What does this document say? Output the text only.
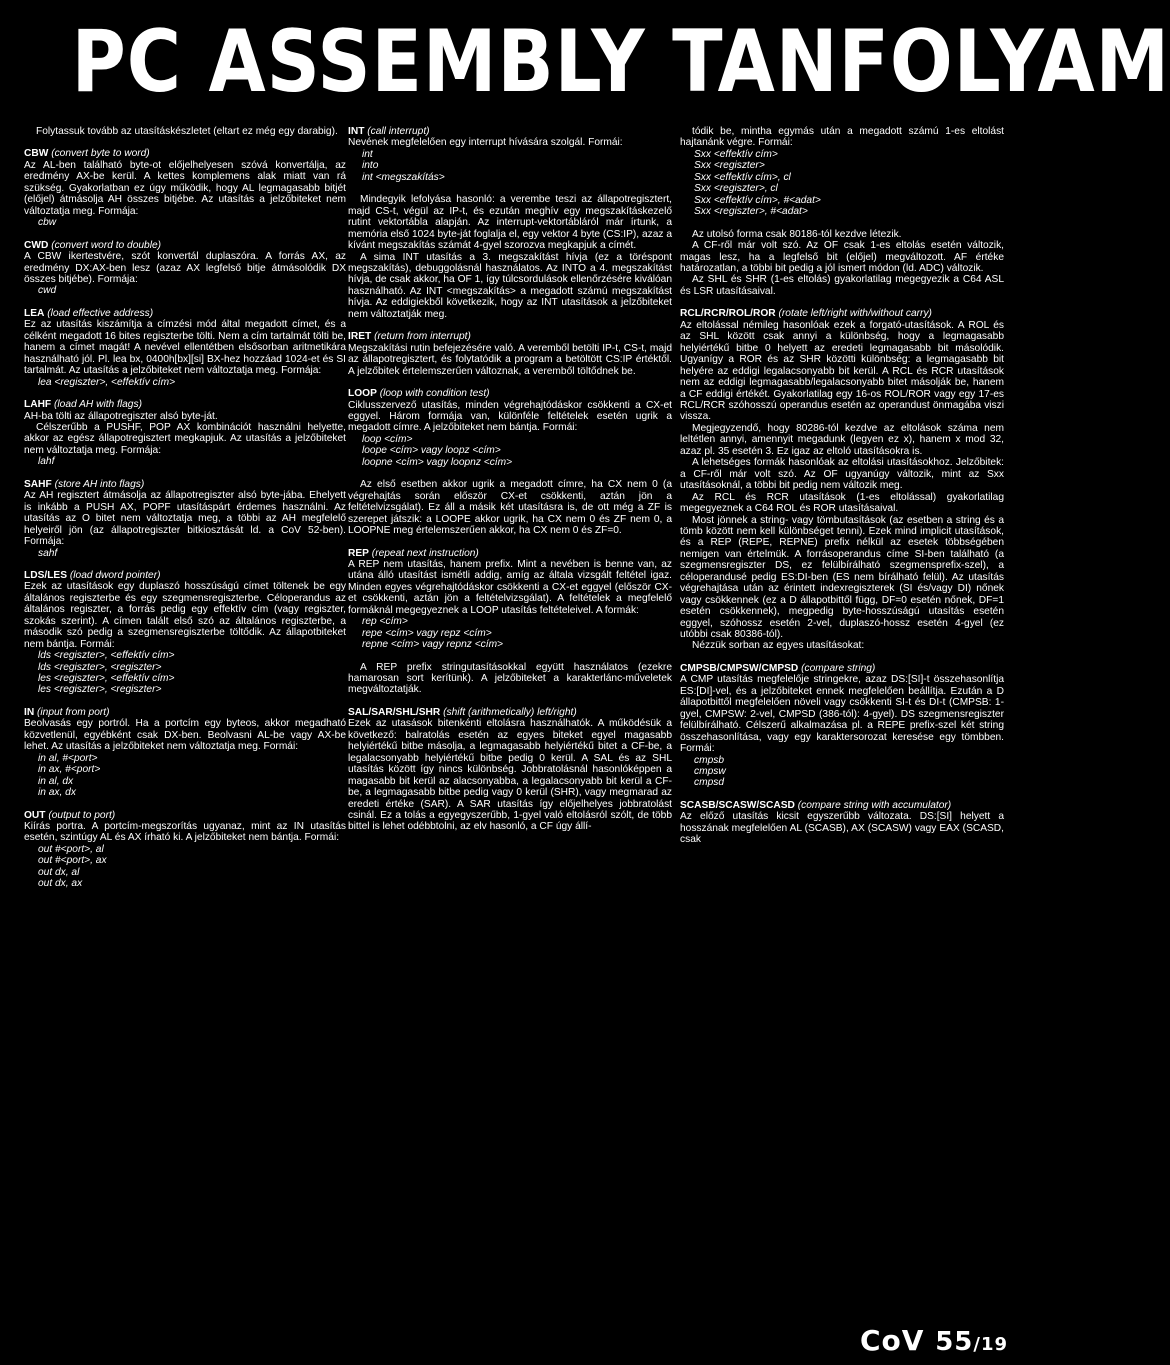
PC ASSEMBLY TANFOLYAM

Folytassuk tovább az utasításkészletet (eltart ez még egy darabig).

CBW (convert byte to word)

Az AL-ben található byte-ot előjelhelyesen szóvá konvertálja, az eredmény AX-be kerül. A kettes komplemens alak miatt van rá szükség. Gyakorlatban ez úgy működik, hogy AL legmagasabb bitjét (előjel) átmásolja AH összes bitjébe. Az utasítás a jelzőbiteket nem változtatja meg. Formája:

cbw
CWD (convert word to double)

A CBW ikertestvére, szót konvertál duplaszóra. A forrás AX, az eredmény DX:AX-ben lesz (azaz AX legfelső bitje átmásolódik DX összes bitjébe). Formája:

cwd
LEA (load effective address)

Ez az utasítás kiszámítja a címzési mód által megadott címet, és a célként megadott 16 bites regiszterbe tölti. Nem a cím tartalmát tölti be, hanem a címet magát! A nevével ellentétben elsősorban aritmetikára használható jól. Pl. lea bx, 0400h[bx][si] BX-hez hozzáad 1024-et és SI tartalmát. Az utasítás a jelzőbiteket nem változtatja meg. Formája:

lea <regiszter>, <effektív cím>
LAHF (load AH with flags)

AH-ba tölti az állapotregiszter alsó byte-ját.

Célszerűbb a PUSHF, POP AX kombinációt használni helyette, akkor az egész állapotregisztert megkapjuk. Az utasítás a jelzőbiteket nem változtatja meg. Formája:

lahf
SAHF (store AH into flags)

Az AH regisztert átmásolja az állapotregiszter alsó byte-jába. Ehelyett is inkább a PUSH AX, POPF utasításpárt érdemes használni. Az utasítás az O bitet nem változtatja meg, a többi az AH megfelelő helyeiről jön (az állapotregiszter bitkiosztását ld. a CoV 52-ben). Formája:

sahf
LDS/LES (load dword pointer)

Ezek az utasítások egy duplaszó hosszúságú címet töltenek be egy általános regiszterbe és egy szegmensregiszterbe. Céloperandus az általános regiszter, a forrás pedig egy effektív cím (vagy regiszter, szokás szerint). A címen talált első szó az általános regiszterbe, a második szó pedig a szegmensregiszterbe töltődik. Az állapotbiteket nem bántja. Formái:

lds <regiszter>, <effektív cím>
lds <regiszter>, <regiszter>
les <regiszter>, <effektív cím>
les <regiszter>, <regiszter>
IN (input from port)

Beolvasás egy portról. Ha a portcím egy byteos, akkor megadható közvetlenül, egyébként csak DX-ben. Beolvasni AL-be vagy AX-be lehet. Az utasítás a jelzőbiteket nem változtatja meg. Formái:

in al, #<port>
in ax, #<port>
in al, dx
in ax, dx
OUT (output to port)

Kiírás portra. A portcím-megszorítás ugyanaz, mint az IN utasítás esetén, szintúgy AL és AX írható ki. A jelzőbiteket nem bántja. Formái:

out #<port>, al
out #<port>, ax
out dx, al
out dx, ax
INT (call interrupt)

Nevének megfelelően egy interrupt hívására szolgál. Formái:

int
into
int <megszakítás>

Mindegyik lefolyása hasonló: a verembe teszi az állapotregisztert, majd CS-t, végül az IP-t, és ezután meghív egy megszakításkezelő rutint vektortábla alapján. Az interrupt-vektortábláról már írtunk, a memória első 1024 byte-ját foglalja el, egy vektor 4 byte (CS:IP), azaz a kívánt megszakítás számát 4-gyel szorozva megkapjuk a címét.

A sima INT utasítás a 3. megszakítást hívja (ez a töréspont megszakítás), debuggolásnál használatos. Az INTO a 4. megszakítást hívja, de csak akkor, ha OF 1, így túlcsordulások ellenőrzésére kiválóan használható. Az INT <megszakítás> a megadott számú megszakítást hívja. Az eddigiekből következik, hogy az INT utasítások a jelzőbiteket nem változtatják meg.

IRET (return from interrupt)

Megszakítási rutin befejezésére való. A veremből betölti IP-t, CS-t, majd az állapotregisztert, és folytatódik a program a betöltött CS:IP értéktől. A jelzőbitek értelemszerűen változnak, a veremből töltődnek be.

LOOP (loop with condition test)

Ciklusszervező utasítás, minden végrehajtódáskor csökkenti a CX-et eggyel. Három formája van, különféle feltételek esetén ugrik a megadott címre. A jelzőbiteket nem bántja. Formái:

loop <cím>
loope <cím> vagy loopz <cím>
loopne <cím> vagy loopnz <cím>

Az első esetben akkor ugrik a megadott címre, ha CX nem 0 (a végrehajtás során először CX-et csökkenti, aztán jön a feltételvizsgálat). Ez áll a másik két utasításra is, de ott még a ZF is szerepet játszik: a LOOPE akkor ugrik, ha CX nem 0 és ZF nem 0, a LOOPNE meg értelemszerűen akkor, ha CX nem 0 és ZF=0.

REP (repeat next instruction)

A REP nem utasítás, hanem prefix. Mint a nevében is benne van, az utána álló utasítást ismétli addig, amíg az általa vizsgált feltétel igaz. Minden egyes végrehajtódáskor csökkenti a CX-et eggyel (először CX-et csökkenti, aztán jön a feltételvizsgálat). A feltételek a megfelelő formáknál megegyeznek a LOOP utasítás feltételeivel. A formák:

rep <cím>
repe <cím> vagy repz <cím>
repne <cím> vagy repnz <cím>

A REP prefix stringutasításokkal együtt használatos (ezekre hamarosan sort kerítünk). A jelzőbiteket a karakterlánc-műveletek megváltoztatják.

SAL/SAR/SHL/SHR (shift (arithmetically) left/right)

Ezek az utasások bitenkénti eltolásra használhatók. A működésük a következő: balratolás esetén az egyes biteket egyel magasabb helyiértékű bitbe másolja, a legmagasabb helyiértékű bitet a CF-be, a legalacsonyabb helyiértékű bitbe pedig 0 kerül. A SAL és az SHL utasítás között így nincs különbség. Jobbratolásnál hasonlóképpen a magasabb bit kerül az alacsonyabba, a legalacsonyabb bit kerül a CF-be, a legmagasabb bitbe pedig vagy 0 kerül (SHR), vagy megmarad az eredeti értéke (SAR). A SAR utasítás így előjelhelyes jobbratolást csinál. Ez a tolás a egyegyszerűbb, 1-gyel való eltolásról szólt, de több bittel is lehet odébbtolni, az elv hasonló, a CF úgy állí-

tódik be, mintha egymás után a megadott számú 1-es eltolást hajtanánk végre. Formái:

Sxx <effektív cím>
Sxx <regiszter>
Sxx <effektív cím>, cl
Sxx <regiszter>, cl
Sxx <effektív cím>, #<adat>
Sxx <regiszter>, #<adat>

Az utolsó forma csak 80186-tól kezdve létezik.

A CF-ről már volt szó. Az OF csak 1-es eltolás esetén változik, magas lesz, ha a legfelső bit (előjel) megváltozott. AF értéke határozatlan, a többi bit pedig a jól ismert módon (ld. ADC) változik.

Az SHL és SHR (1-es eltolás) gyakorlatilag megegyezik a C64 ASL és LSR utasításaival.

RCL/RCR/ROL/ROR (rotate left/right with/without carry)

Az eltolással némileg hasonlóak ezek a forgató-utasítások. A ROL és az SHL között csak annyi a különbség, hogy a legmagasabb helyiértékű bitbe 0 helyett az eredeti legmagasabb bit másolódik. Ugyanígy a ROR és az SHR közötti különbség: a legmagasabb bit helyére az eddigi legalacsonyabb bit kerül. A RCL és RCR utasítások nem az eddigi legmagasabb/legalacsonyabb bitet másolják be, hanem a CF eddigi értékét. Gyakorlatilag egy 16-os ROL/ROR vagy egy 17-es RCL/RCR szóhosszú operandus esetén az operandust önmagába viszi vissza.

Megjegyzendő, hogy 80286-tól kezdve az eltolások száma nem leltétlen annyi, amennyit megadunk (legyen ez x), hanem x mod 32, azaz pl. 35 esetén 3. Ez igaz az eltoló utasításokra is.

A lehetséges formák hasonlóak az eltolási utasításokhoz. Jelzőbitek: a CF-ről már volt szó. Az OF ugyanúgy változik, mint az Sxx utasításoknál, a többi bit pedig nem változik meg.

Az RCL és RCR utasítások (1-es eltolással) gyakorlatilag megegyeznek a C64 ROL és ROR utasításaival.

Most jönnek a string- vagy tömbutasítások (az esetben a string és a tömb között nem kell különbséget tenni). Ezek mind implicit utasítások, és a REP (REPE, REPNE) prefix nélkül az esetek többségében nemigen van értelmük. A forrásoperandus címe SI-ben található (a szegmensregiszter DS, ez felülbírálható szegmensprefix-szel), a céloperandusé pedig ES:DI-ben (ES nem bírálható felül). Az utasítás végrehajtása után az érintett indexregiszterek (SI és/vagy DI) nőnek vagy csökkennek (ez a D állapotbittől függ, DF=0 esetén nőnek, DF=1 esetén csökkennek), megpedig byte-hosszúságú utasítás esetén eggyel, szóhossz esetén 2-vel, duplaszó-hossz esetén 4-gyel (ez utóbbi csak 80386-tól).

Nézzük sorban az egyes utasításokat:

CMPSB/CMPSW/CMPSD (compare string)

A CMP utasítás megfelelője stringekre, azaz DS:[SI]-t összehasonlítja ES:[DI]-vel, és a jelzőbiteket ennek megfelelően beállítja. Ezután a D állapotbittől megfelelően növeli vagy csökkenti SI-t és DI-t (CMPSB: 1-gyel, CMPSW: 2-vel, CMPSD (386-tól): 4-gyel). DS szegmensregiszter felülbírálható. Célszerű alkalmazása pl. a REPE prefix-szel két string összehasonlítása, vagy egy karaktersorozat keresése egy tömbben. Formái:

cmpsb
cmpsw
cmpsd
SCASB/SCASW/SCASD (compare string with accumulator)

Az előző utasítás kicsit egyszerűbb változata. DS:[SI] helyett a hosszának megfelelően AL (SCASB), AX (SCASW) vagy EAX (SCASD, csak

CoV 55/19
